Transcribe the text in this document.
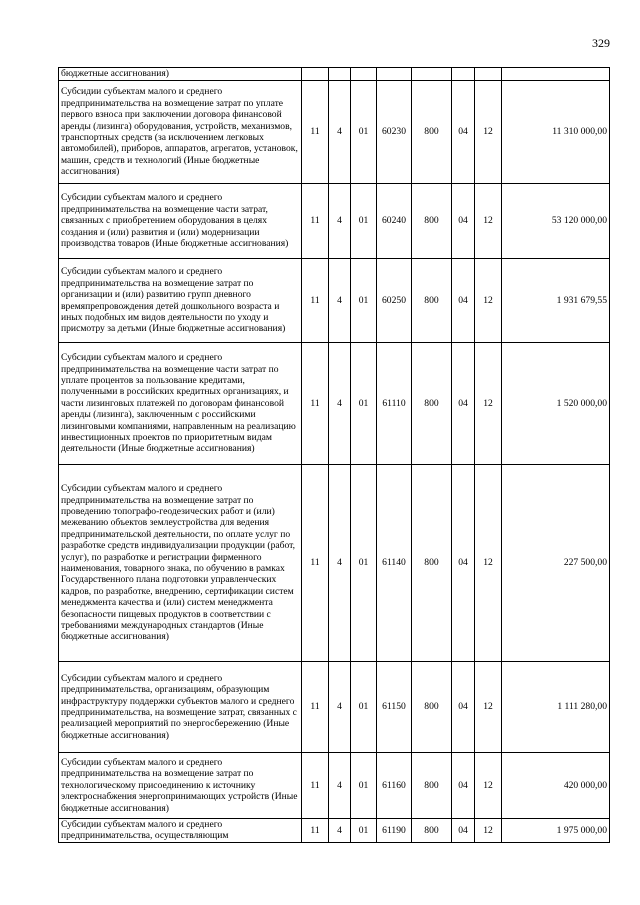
329
бюджетные ассигнования)								
Субсидии субъектам малого и среднего предпринимательства на возмещение затрат по уплате первого взноса при заключении договора финансовой аренды (лизинга) оборудования, устройств, механизмов, транспортных средств (за исключением легковых автомобилей), приборов, аппаратов, агрегатов, установок, машин, средств и технологий (Иные бюджетные ассигнования)	11	4	01	60230	800	04	12	11 310 000,00
Субсидии субъектам малого и среднего предпринимательства на возмещение части затрат, связанных с приобретением оборудования в целях создания и (или) развития и (или) модернизации производства товаров (Иные бюджетные ассигнования)	11	4	01	60240	800	04	12	53 120 000,00
Субсидии субъектам малого и среднего предпринимательства на возмещение затрат по организации и (или) развитию групп дневного времяпрепровождения детей дошкольного возраста и иных подобных им видов деятельности по уходу и присмотру за детьми (Иные бюджетные ассигнования)	11	4	01	60250	800	04	12	1 931 679,55
Субсидии субъектам малого и среднего предпринимательства на возмещение части затрат по уплате процентов за пользование кредитами, полученными в российских кредитных организациях, и части лизинговых платежей по договорам финансовой аренды (лизинга), заключенным с российскими лизинговыми компаниями, направленным на реализацию инвестиционных проектов по приоритетным видам деятельности (Иные бюджетные ассигнования)	11	4	01	61110	800	04	12	1 520 000,00
Субсидии субъектам малого и среднего предпринимательства на возмещение затрат по проведению топографо-геодезических работ и (или) межеванию объектов землеустройства для ведения предпринимательской деятельности, по оплате услуг по разработке средств индивидуализации продукции (работ, услуг), по разработке и регистрации фирменного наименования, товарного знака, по обучению в рамках Государственного плана подготовки управленческих кадров, по разработке, внедрению, сертификации систем менеджмента качества и (или) систем менеджмента безопасности пищевых продуктов в соответствии с требованиями международных стандартов (Иные бюджетные ассигнования)	11	4	01	61140	800	04	12	227 500,00
Субсидии субъектам малого и среднего предпринимательства, организациям, образующим инфраструктуру поддержки субъектов малого и среднего предпринимательства, на возмещение затрат, связанных с реализацией мероприятий по энергосбережению (Иные бюджетные ассигнования)	11	4	01	61150	800	04	12	1 111 280,00
Субсидии субъектам малого и среднего предпринимательства на возмещение затрат по технологическому присоединению к источнику электроснабжения энергопринимающих устройств (Иные бюджетные ассигнования)	11	4	01	61160	800	04	12	420 000,00
Субсидии субъектам малого и среднего предпринимательства, осуществляющим	11	4	01	61190	800	04	12	1 975 000,00
